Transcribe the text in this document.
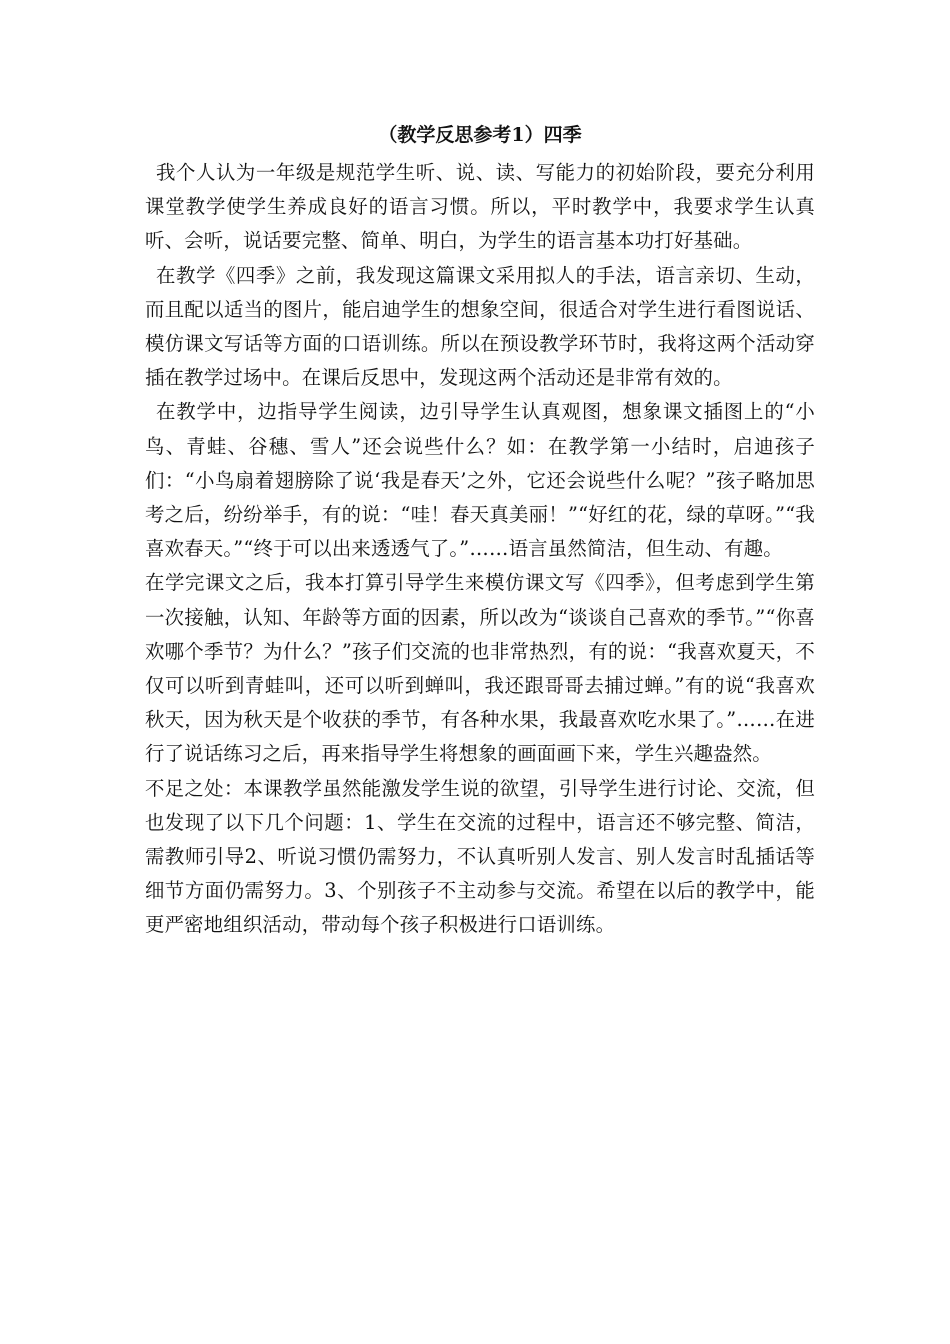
（教学反思参考1）四季

我个人认为一年级是规范学生听、说、读、写能力的初始阶段，要充分利用课堂教学使学生养成良好的语言习惯。所以，平时教学中，我要求学生认真听、会听，说话要完整、简单、明白，为学生的语言基本功打好基础。

在教学《四季》之前，我发现这篇课文采用拟人的手法，语言亲切、生动，而且配以适当的图片，能启迪学生的想象空间，很适合对学生进行看图说话、模仿课文写话等方面的口语训练。所以在预设教学环节时，我将这两个活动穿插在教学过场中。在课后反思中，发现这两个活动还是非常有效的。

在教学中，边指导学生阅读，边引导学生认真观图，想象课文插图上的“小鸟、青蛙、谷穗、雪人”还会说些什么？如：在教学第一小结时，启迪孩子们：“小鸟扇着翅膀除了说‘我是春天’之外，它还会说些什么呢？”孩子略加思考之后，纷纷举手，有的说：“哇！春天真美丽！”“好红的花，绿的草呀。”“我喜欢春天。”“终于可以出来透透气了。”……语言虽然简洁，但生动、有趣。

在学完课文之后，我本打算引导学生来模仿课文写《四季》，但考虑到学生第一次接触，认知、年龄等方面的因素，所以改为“谈谈自己喜欢的季节。”“你喜欢哪个季节？为什么？”孩子们交流的也非常热烈，有的说：“我喜欢夏天，不仅可以听到青蛙叫，还可以听到蝉叫，我还跟哥哥去捕过蝉。”有的说“我喜欢秋天，因为秋天是个收获的季节，有各种水果，我最喜欢吃水果了。”……在进行了说话练习之后，再来指导学生将想象的画面画下来，学生兴趣盎然。

不足之处：本课教学虽然能激发学生说的欲望，引导学生进行讨论、交流，但也发现了以下几个问题：1、学生在交流的过程中，语言还不够完整、简洁，需教师引导2、听说习惯仍需努力，不认真听别人发言、别人发言时乱插话等细节方面仍需努力。3、个别孩子不主动参与交流。希望在以后的教学中，能更严密地组织活动，带动每个孩子积极进行口语训练。
